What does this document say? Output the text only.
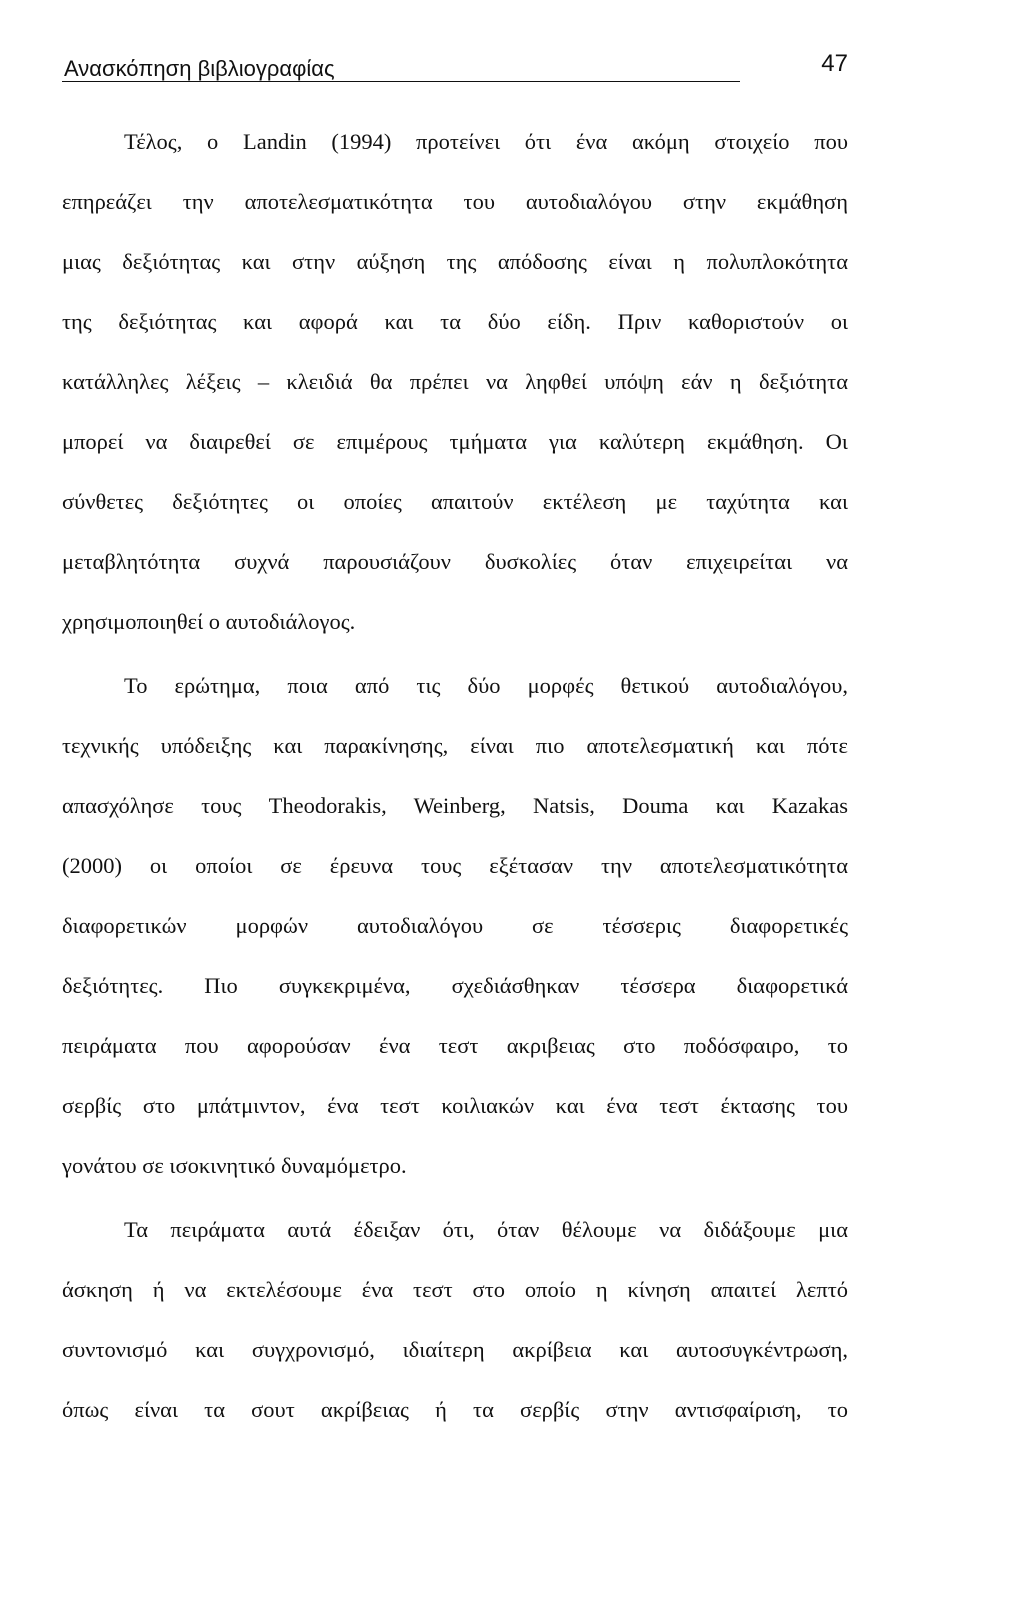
Ανασκόπηση βιβλιογραφίας	47
Τέλος, ο Landin (1994) προτείνει ότι ένα ακόμη στοιχείο που
επηρεάζει την αποτελεσματικότητα του αυτοδιαλόγου στην εκμάθηση
μιας δεξιότητας και στην αύξηση της απόδοσης είναι η πολυπλοκότητα
της δεξιότητας και αφορά και τα δύο είδη. Πριν καθοριστούν οι
κατάλληλες λέξεις – κλειδιά θα πρέπει να ληφθεί υπόψη εάν η δεξιότητα
μπορεί να διαιρεθεί σε επιμέρους τμήματα για καλύτερη εκμάθηση. Οι
σύνθετες δεξιότητες οι οποίες απαιτούν εκτέλεση με ταχύτητα και
μεταβλητότητα συχνά παρουσιάζουν δυσκολίες όταν επιχειρείται να
χρησιμοποιηθεί ο αυτοδιάλογος.
Το ερώτημα, ποια από τις δύο μορφές θετικού αυτοδιαλόγου,
τεχνικής υπόδειξης και παρακίνησης, είναι πιο αποτελεσματική και πότε
απασχόλησε τους Theodorakis, Weinberg, Natsis, Douma και Kazakas
(2000) οι οποίοι σε έρευνα τους εξέτασαν την αποτελεσματικότητα
διαφορετικών μορφών αυτοδιαλόγου σε τέσσερις διαφορετικές
δεξιότητες. Πιο συγκεκριμένα, σχεδιάσθηκαν τέσσερα διαφορετικά
πειράματα που αφορούσαν ένα τεστ ακριβειας στο ποδόσφαιρο, το
σερβίς στο μπάτμιντον, ένα τεστ κοιλιακών και ένα τεστ έκτασης του
γονάτου σε ισοκινητικό δυναμόμετρο.
Τα πειράματα αυτά έδειξαν ότι, όταν θέλουμε να διδάξουμε μια
άσκηση ή να εκτελέσουμε ένα τεστ στο οποίο η κίνηση απαιτεί λεπτό
συντονισμό και συγχρονισμό, ιδιαίτερη ακρίβεια και αυτοσυγκέντρωση,
όπως είναι τα σουτ ακρίβειας ή τα σερβίς στην αντισφαίριση, το
